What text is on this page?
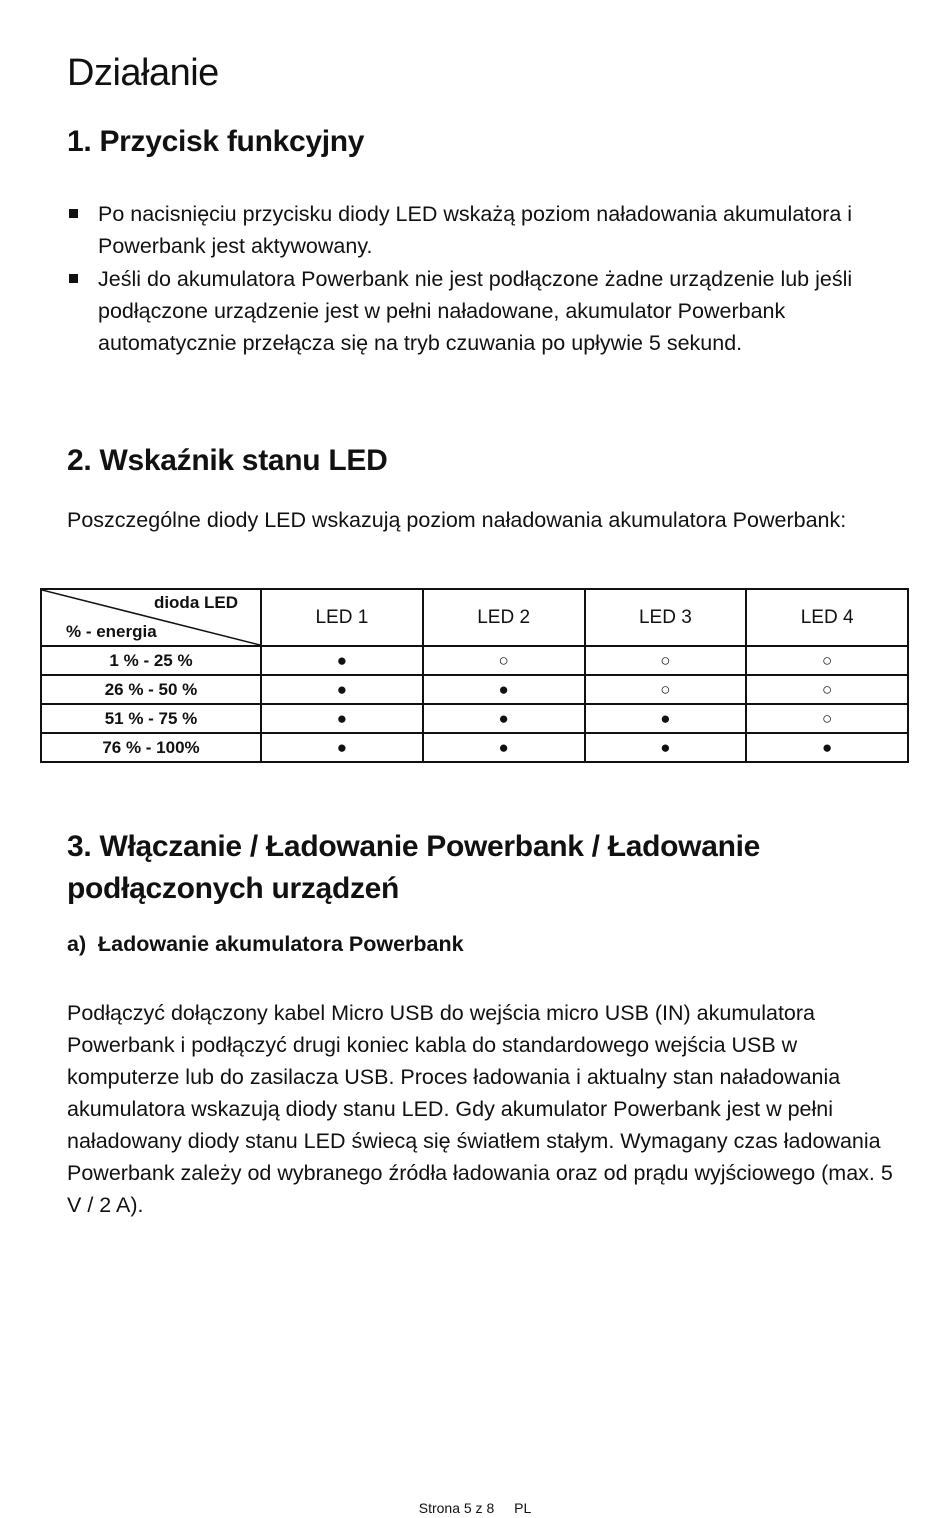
Działanie
1. Przycisk funkcyjny
Po nacisnięciu przycisku diody LED wskażą poziom naładowania akumulatora i Powerbank jest aktywowany.
Jeśli do akumulatora Powerbank nie jest podłączone żadne urządzenie lub jeśli podłączone urządzenie jest w pełni naładowane, akumulator Powerbank automatycznie przełącza się na tryb czuwania po upływie 5 sekund.
2. Wskaźnik stanu LED
Poszczególne diody LED wskazują poziom naładowania akumulatora Powerbank:
dioda LED
% - energia	LED 1	LED 2	LED 3	LED 4
1 % - 25 %	●	○	○	○
26 % - 50 %	●	●	○	○
51 % - 75 %	●	●	●	○
76 % - 100%	●	●	●	●
3. Włączanie / Ładowanie Powerbank / Ładowanie
podłączonych urządzeń
a) Ładowanie akumulatora Powerbank
Podłączyć dołączony kabel Micro USB do wejścia micro USB (IN) akumulatora Powerbank i podłączyć drugi koniec kabla do standardowego wejścia USB w komputerze lub do zasilacza USB. Proces ładowania i aktualny stan naładowania akumulatora wskazują diody stanu LED. Gdy akumulator Powerbank jest w pełni naładowany diody stanu LED świecą się światłem stałym. Wymagany czas ładowania Powerbank zależy od wybranego źródła ładowania oraz od prądu wyjściowego (max. 5 V / 2 A).
Strona 5 z 8 PL
